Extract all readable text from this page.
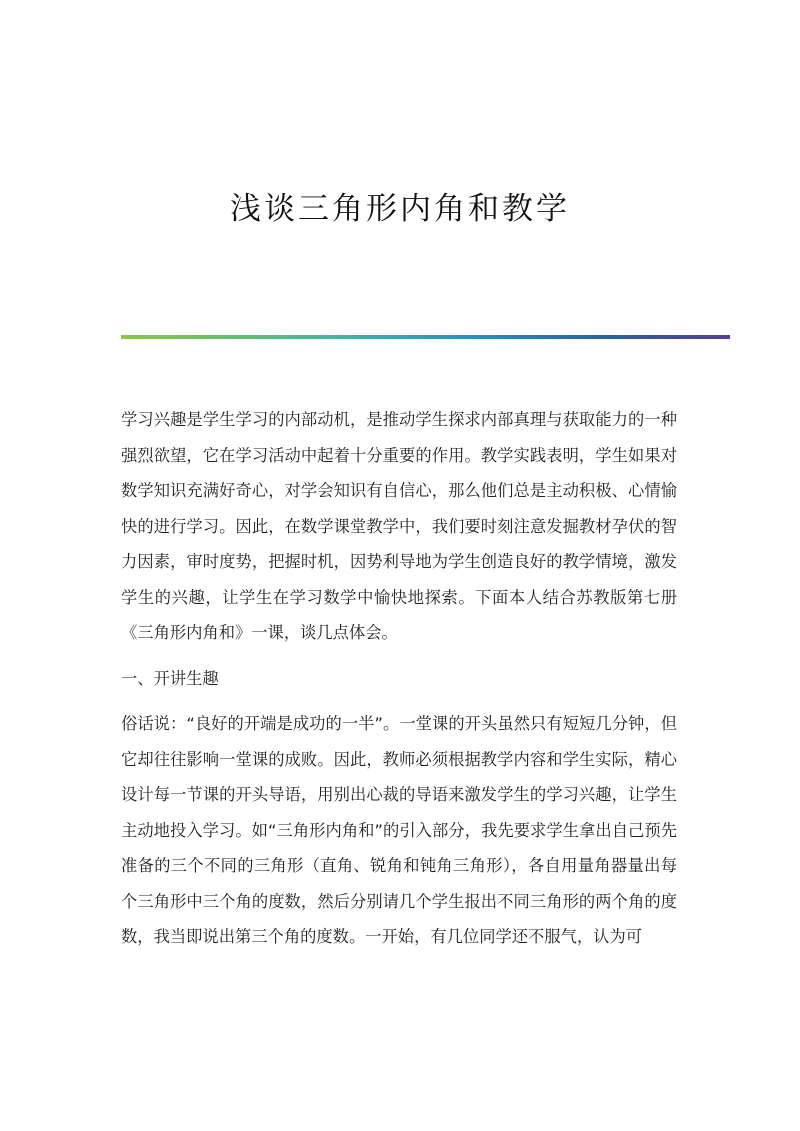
浅谈三角形内角和教学

学习兴趣是学生学习的内部动机，是推动学生探求内部真理与获取能力的一种强烈欲望，它在学习活动中起着十分重要的作用。教学实践表明，学生如果对数学知识充满好奇心，对学会知识有自信心，那么他们总是主动积极、心情愉快的进行学习。因此，在数学课堂教学中，我们要时刻注意发掘教材孕伏的智力因素，审时度势，把握时机，因势利导地为学生创造良好的教学情境，激发学生的兴趣，让学生在学习数学中愉快地探索。下面本人结合苏教版第七册《三角形内角和》一课，谈几点体会。

一、开讲生趣

俗话说：“良好的开端是成功的一半”。一堂课的开头虽然只有短短几分钟，但它却往往影响一堂课的成败。因此，教师必须根据教学内容和学生实际，精心设计每一节课的开头导语，用别出心裁的导语来激发学生的学习兴趣，让学生主动地投入学习。如“三角形内角和”的引入部分，我先要求学生拿出自己预先准备的三个不同的三角形（直角、锐角和钝角三角形），各自用量角器量出每个三角形中三个角的度数，然后分别请几个学生报出不同三角形的两个角的度数，我当即说出第三个角的度数。一开始，有几位同学还不服气，认为可
